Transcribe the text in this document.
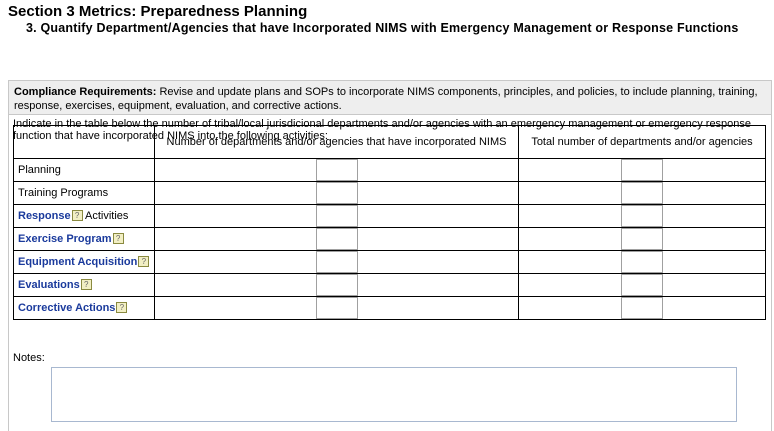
Section 3 Metrics: Preparedness Planning
3. Quantify Department/Agencies that have Incorporated NIMS with Emergency Management or Response Functions
Compliance Requirements: Revise and update plans and SOPs to incorporate NIMS components, principles, and policies, to include planning, training, response, exercises, equipment, evaluation, and corrective actions.
Indicate in the table below the number of tribal/local jurisdicional departments and/or agencies with an emergency management or emergency response function that have incorporated NIMS into the following activities:
	Number of departments and/or agencies that have incorporated NIMS	Total number of departments and/or agencies
Planning	

Training Programs	

Response ? Activities	

Exercise Program ?	

Equipment Acquisition ?	

Evaluations ?	

Corrective Actions ?	

Notes:
